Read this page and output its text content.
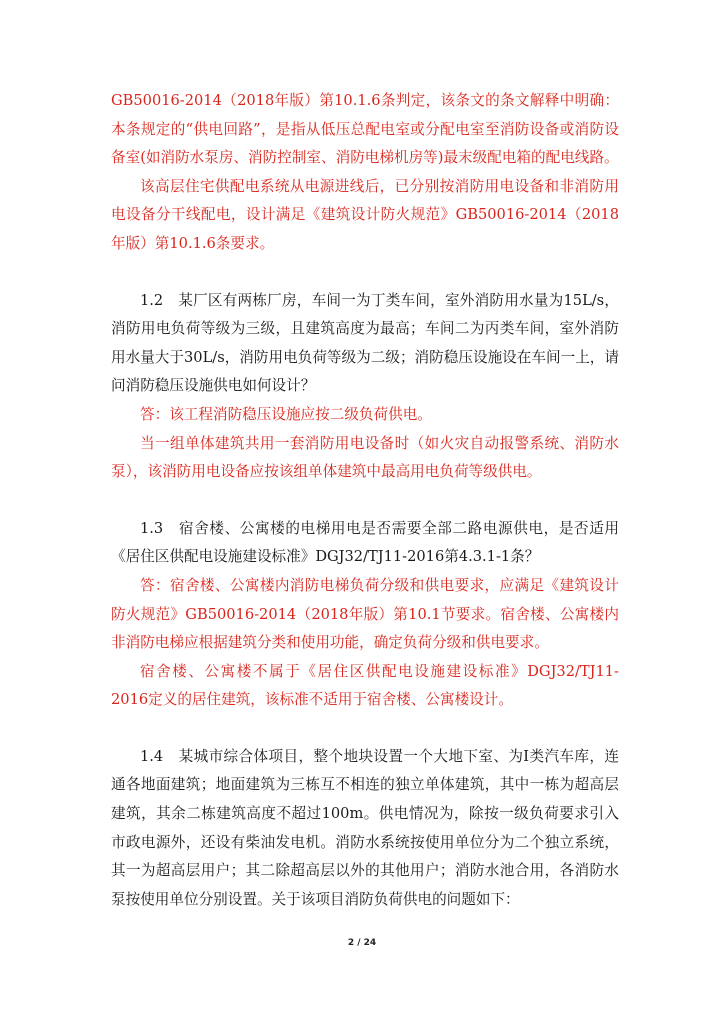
GB50016-2014（2018年版）第10.1.6条判定，该条文的条文解释中明确：本条规定的“供电回路”，是指从低压总配电室或分配电室至消防设备或消防设备室(如消防水泵房、消防控制室、消防电梯机房等)最末级配电箱的配电线路。

该高层住宅供配电系统从电源进线后，已分别按消防用电设备和非消防用电设备分干线配电，设计满足《建筑设计防火规范》GB50016-2014（2018年版）第10.1.6条要求。

1.2　某厂区有两栋厂房，车间一为丁类车间，室外消防用水量为15L/s，消防用电负荷等级为三级，且建筑高度为最高；车间二为丙类车间，室外消防用水量大于30L/s，消防用电负荷等级为二级；消防稳压设施设在车间一上，请问消防稳压设施供电如何设计？

答：该工程消防稳压设施应按二级负荷供电。

当一组单体建筑共用一套消防用电设备时（如火灾自动报警系统、消防水泵），该消防用电设备应按该组单体建筑中最高用电负荷等级供电。

1.3　宿舍楼、公寓楼的电梯用电是否需要全部二路电源供电，是否适用《居住区供配电设施建设标准》DGJ32/TJ11-2016第4.3.1-1条？

答：宿舍楼、公寓楼内消防电梯负荷分级和供电要求，应满足《建筑设计防火规范》GB50016-2014（2018年版）第10.1节要求。宿舍楼、公寓楼内非消防电梯应根据建筑分类和使用功能，确定负荷分级和供电要求。

宿舍楼、公寓楼不属于《居住区供配电设施建设标准》DGJ32/TJ11-2016定义的居住建筑，该标准不适用于宿舍楼、公寓楼设计。

1.4　某城市综合体项目，整个地块设置一个大地下室、为Ⅰ类汽车库，连通各地面建筑；地面建筑为三栋互不相连的独立单体建筑，其中一栋为超高层建筑，其余二栋建筑高度不超过100m。供电情况为，除按一级负荷要求引入市政电源外，还设有柴油发电机。消防水系统按使用单位分为二个独立系统，其一为超高层用户；其二除超高层以外的其他用户；消防水池合用，各消防水泵按使用单位分别设置。关于该项目消防负荷供电的问题如下：

2 / 24
